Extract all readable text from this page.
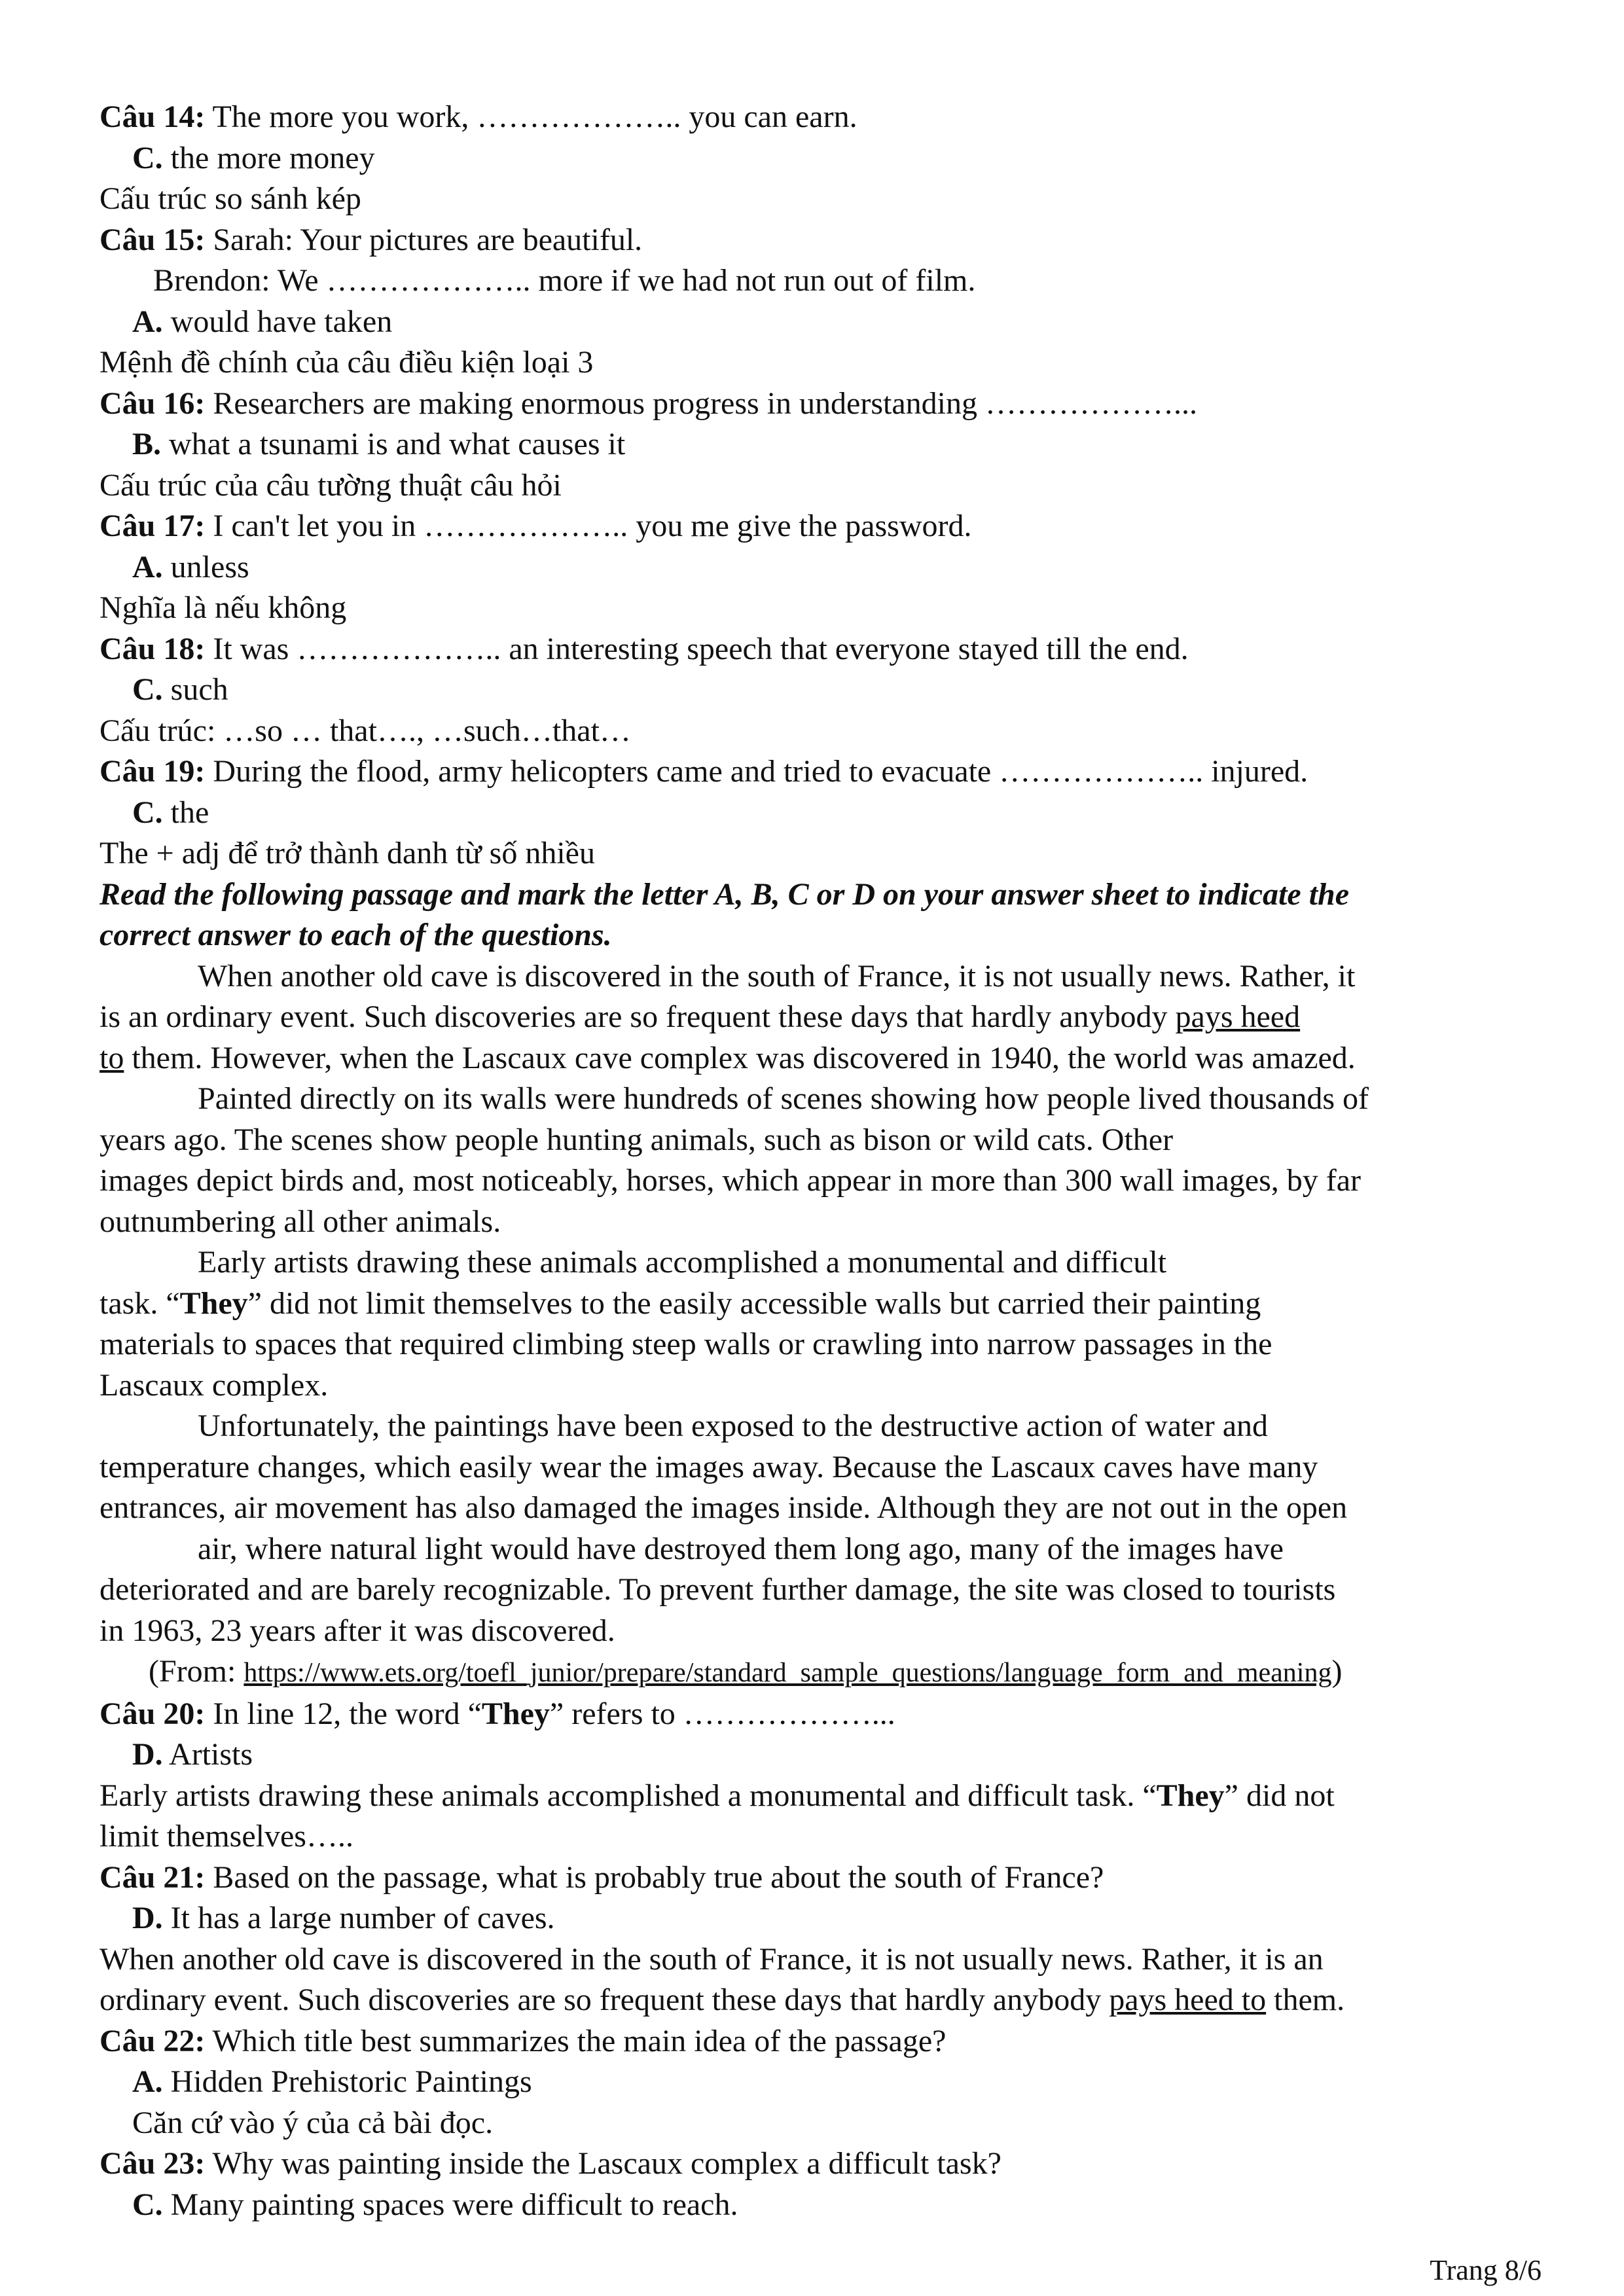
Câu 14: The more you work, ……………….. you can earn.
C. the more money
Cấu trúc so sánh kép
Câu 15: Sarah: Your pictures are beautiful.
Brendon: We ……………….. more if we had not run out of film.
A. would have taken
Mệnh đề chính của câu điều kiện loại 3
Câu 16: Researchers are making enormous progress in understanding ………………...
B. what a tsunami is and what causes it
Cấu trúc của câu tường thuật câu hỏi
Câu 17: I can't let you in ……………….. you me give the password.
A. unless
Nghĩa là nếu không
Câu 18: It was ……………….. an interesting speech that everyone stayed till the end.
C. such
Cấu trúc: …so … that…., …such…that…
Câu 19: During the flood, army helicopters came and tried to evacuate ……………….. injured.
C. the
The + adj để trở thành danh từ số nhiều
Read the following passage and mark the letter A, B, C or D on your answer sheet to indicate the
correct answer to each of the questions.
When another old cave is discovered in the south of France, it is not usually news. Rather, it
is an ordinary event. Such discoveries are so frequent these days that hardly anybody pays heed
to them. However, when the Lascaux cave complex was discovered in 1940, the world was amazed.
Painted directly on its walls were hundreds of scenes showing how people lived thousands of
years ago. The scenes show people hunting animals, such as bison or wild cats. Other
images depict birds and, most noticeably, horses, which appear in more than 300 wall images, by far
outnumbering all other animals.
Early artists drawing these animals accomplished a monumental and difficult
task. “They” did not limit themselves to the easily accessible walls but carried their painting
materials to spaces that required climbing steep walls or crawling into narrow passages in the
Lascaux complex.
Unfortunately, the paintings have been exposed to the destructive action of water and
temperature changes, which easily wear the images away. Because the Lascaux caves have many
entrances, air movement has also damaged the images inside. Although they are not out in the open
air, where natural light would have destroyed them long ago, many of the images have
deteriorated and are barely recognizable. To prevent further damage, the site was closed to tourists
in 1963, 23 years after it was discovered.
(From: https://www.ets.org/toefl_junior/prepare/standard_sample_questions/language_form_and_meaning)
Câu 20: In line 12, the word “They” refers to ………………...
D. Artists
Early artists drawing these animals accomplished a monumental and difficult task. “They” did not
limit themselves…..
Câu 21: Based on the passage, what is probably true about the south of France?
D. It has a large number of caves.
When another old cave is discovered in the south of France, it is not usually news. Rather, it is an
ordinary event. Such discoveries are so frequent these days that hardly anybody pays heed to them.
Câu 22: Which title best summarizes the main idea of the passage?
A. Hidden Prehistoric Paintings
Căn cứ vào ý của cả bài đọc.
Câu 23: Why was painting inside the Lascaux complex a difficult task?
C. Many painting spaces were difficult to reach.
Trang 8/6
